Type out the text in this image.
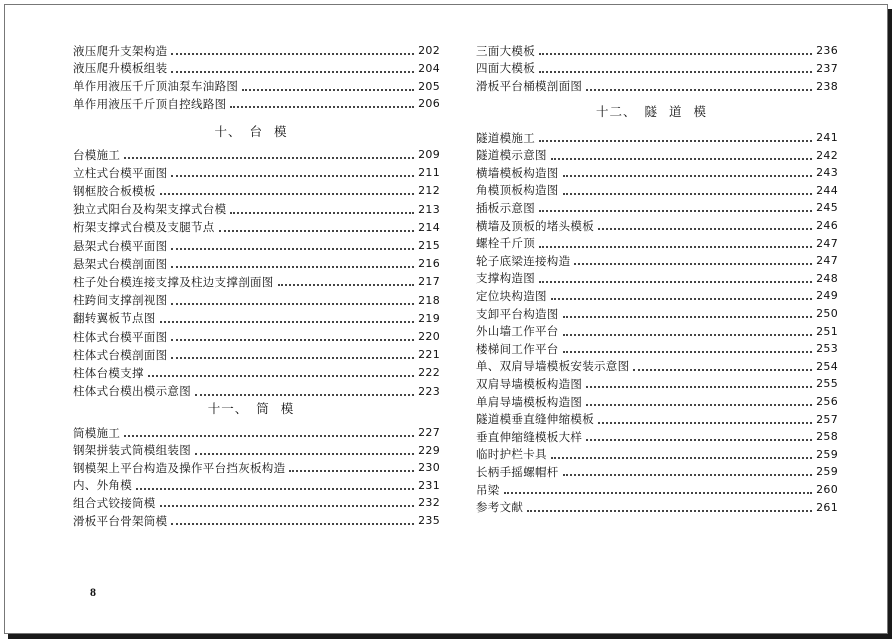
液压爬升支架构造	202
液压爬升模板组装	204
单作用液压千斤顶油泵车油路图	205
单作用液压千斤顶自控线路图	206
十、 台模
台模施工	209
立柱式台模平面图	211
钢框胶合板模板	212
独立式阳台及构架支撑式台模	213
桁架支撑式台模及支腿节点	214
悬架式台模平面图	215
悬架式台模剖面图	216
柱子处台模连接支撑及柱边支撑剖面图	217
柱跨间支撑剖视图	218
翻转翼板节点图	219
柱体式台模平面图	220
柱体式台模剖面图	221
柱体台模支撑	222
柱体式台模出模示意图	223
十一、 筒模
筒模施工	227
钢架拼装式筒模组装图	229
钢模架上平台构造及操作平台挡灰板构造	230
内、外角模	231
组合式铰接筒模	232
滑板平台骨架筒模	235
三面大模板	236
四面大模板	237
滑板平台桶模剖面图	238
十二、 隧道模
隧道模施工	241
隧道模示意图	242
横墙模板构造图	243
角模顶板构造图	244
插板示意图	245
横墙及顶板的堵头模板	246
螺栓千斤顶	247
轮子底梁连接构造	247
支撑构造图	248
定位块构造图	249
支卸平台构造图	250
外山墙工作平台	251
楼梯间工作平台	253
单、双肩导墙模板安装示意图	254
双肩导墙模板构造图	255
单肩导墙模板构造图	256
隧道模垂直缝伸缩模板	257
垂直伸缩缝模板大样	258
临时护栏卡具	259
长柄手摇螺帽杆	259
吊梁	260
参考文献	261
8
